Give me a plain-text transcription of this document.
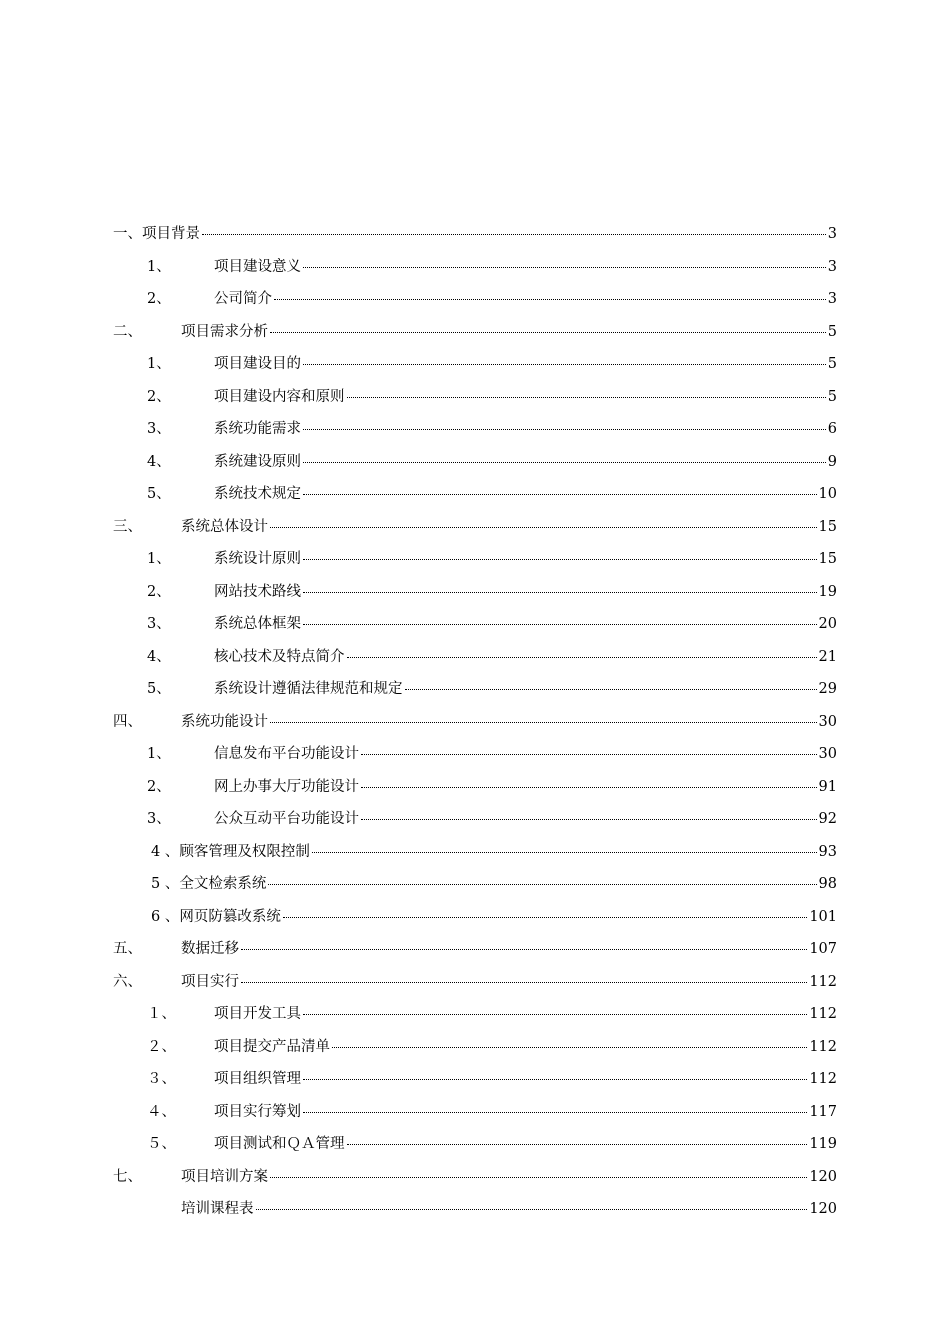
一、项目背景	3
1、	项目建设意义	3
2、	公司简介	3
二、	项目需求分析	5
1、	项目建设目的	5
2、	项目建设内容和原则	5
3、	系统功能需求	6
4、	系统建设原则	9
5、	系统技术规定	10
三、	系统总体设计	15
1、	系统设计原则	15
2、	网站技术路线	19
3、	系统总体框架	20
4、	核心技术及特点简介	21
5、	系统设计遵循法律规范和规定	29
四、	系统功能设计	30
1、	信息发布平台功能设计	30
2、	网上办事大厅功能设计	91
3、	公众互动平台功能设计	92
4 、顾客管理及权限控制	93
5 、全文检索系统	98
6 、网页防篡改系统	101
五、	数据迁移	107
六、	项目实行	112
１、	项目开发工具	112
２、	项目提交产品清单	112
３、	项目组织管理	112
４、	项目实行筹划	117
５、	项目测试和ＱＡ管理	119
七、	项目培训方案	120
培训课程表	120
